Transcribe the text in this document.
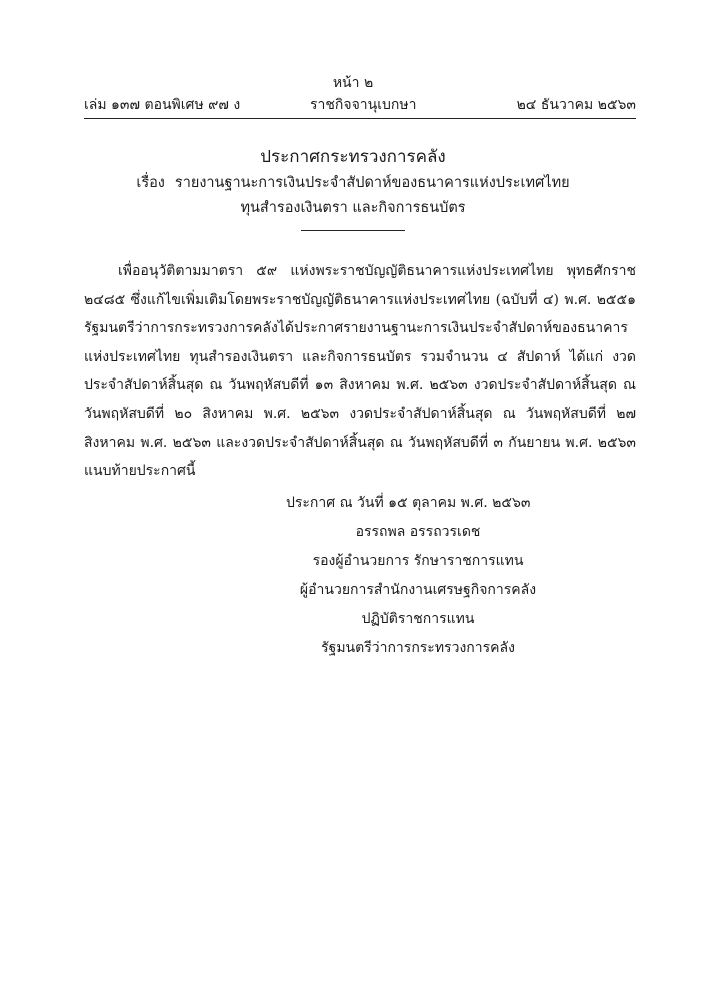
หน้า ๒
เล่ม ๑๓๗ ตอนพิเศษ ๙๗ ง	ราชกิจจานุเบกษา	๒๔ ธันวาคม ๒๕๖๓
ประกาศกระทรวงการคลัง
เรื่อง รายงานฐานะการเงินประจำสัปดาห์ของธนาคารแห่งประเทศไทย
ทุนสำรองเงินตรา และกิจการธนบัตร

เพื่ออนุวัติตามมาตรา ๕๙ แห่งพระราชบัญญัติธนาคารแห่งประเทศไทย พุทธศักราช ๒๔๘๕ ซึ่งแก้ไขเพิ่มเติมโดยพระราชบัญญัติธนาคารแห่งประเทศไทย (ฉบับที่ ๔) พ.ศ. ๒๕๕๑ รัฐมนตรีว่าการกระทรวงการคลังได้ประกาศรายงานฐานะการเงินประจำสัปดาห์ของธนาคารแห่งประเทศไทย ทุนสำรองเงินตรา และกิจการธนบัตร รวมจำนวน ๔ สัปดาห์ ได้แก่ งวดประจำสัปดาห์สิ้นสุด ณ วันพฤหัสบดีที่ ๑๓ สิงหาคม พ.ศ. ๒๕๖๓ งวดประจำสัปดาห์สิ้นสุด ณ วันพฤหัสบดีที่ ๒๐ สิงหาคม พ.ศ. ๒๕๖๓ งวดประจำสัปดาห์สิ้นสุด ณ วันพฤหัสบดีที่ ๒๗ สิงหาคม พ.ศ. ๒๕๖๓ และงวดประจำสัปดาห์สิ้นสุด ณ วันพฤหัสบดีที่ ๓ กันยายน พ.ศ. ๒๕๖๓ แนบท้ายประกาศนี้

ประกาศ ณ วันที่ ๑๕ ตุลาคม พ.ศ. ๒๕๖๓
อรรถพล อรรถวรเดช
รองผู้อำนวยการ รักษาราชการแทน
ผู้อำนวยการสำนักงานเศรษฐกิจการคลัง
ปฏิบัติราชการแทน
รัฐมนตรีว่าการกระทรวงการคลัง
